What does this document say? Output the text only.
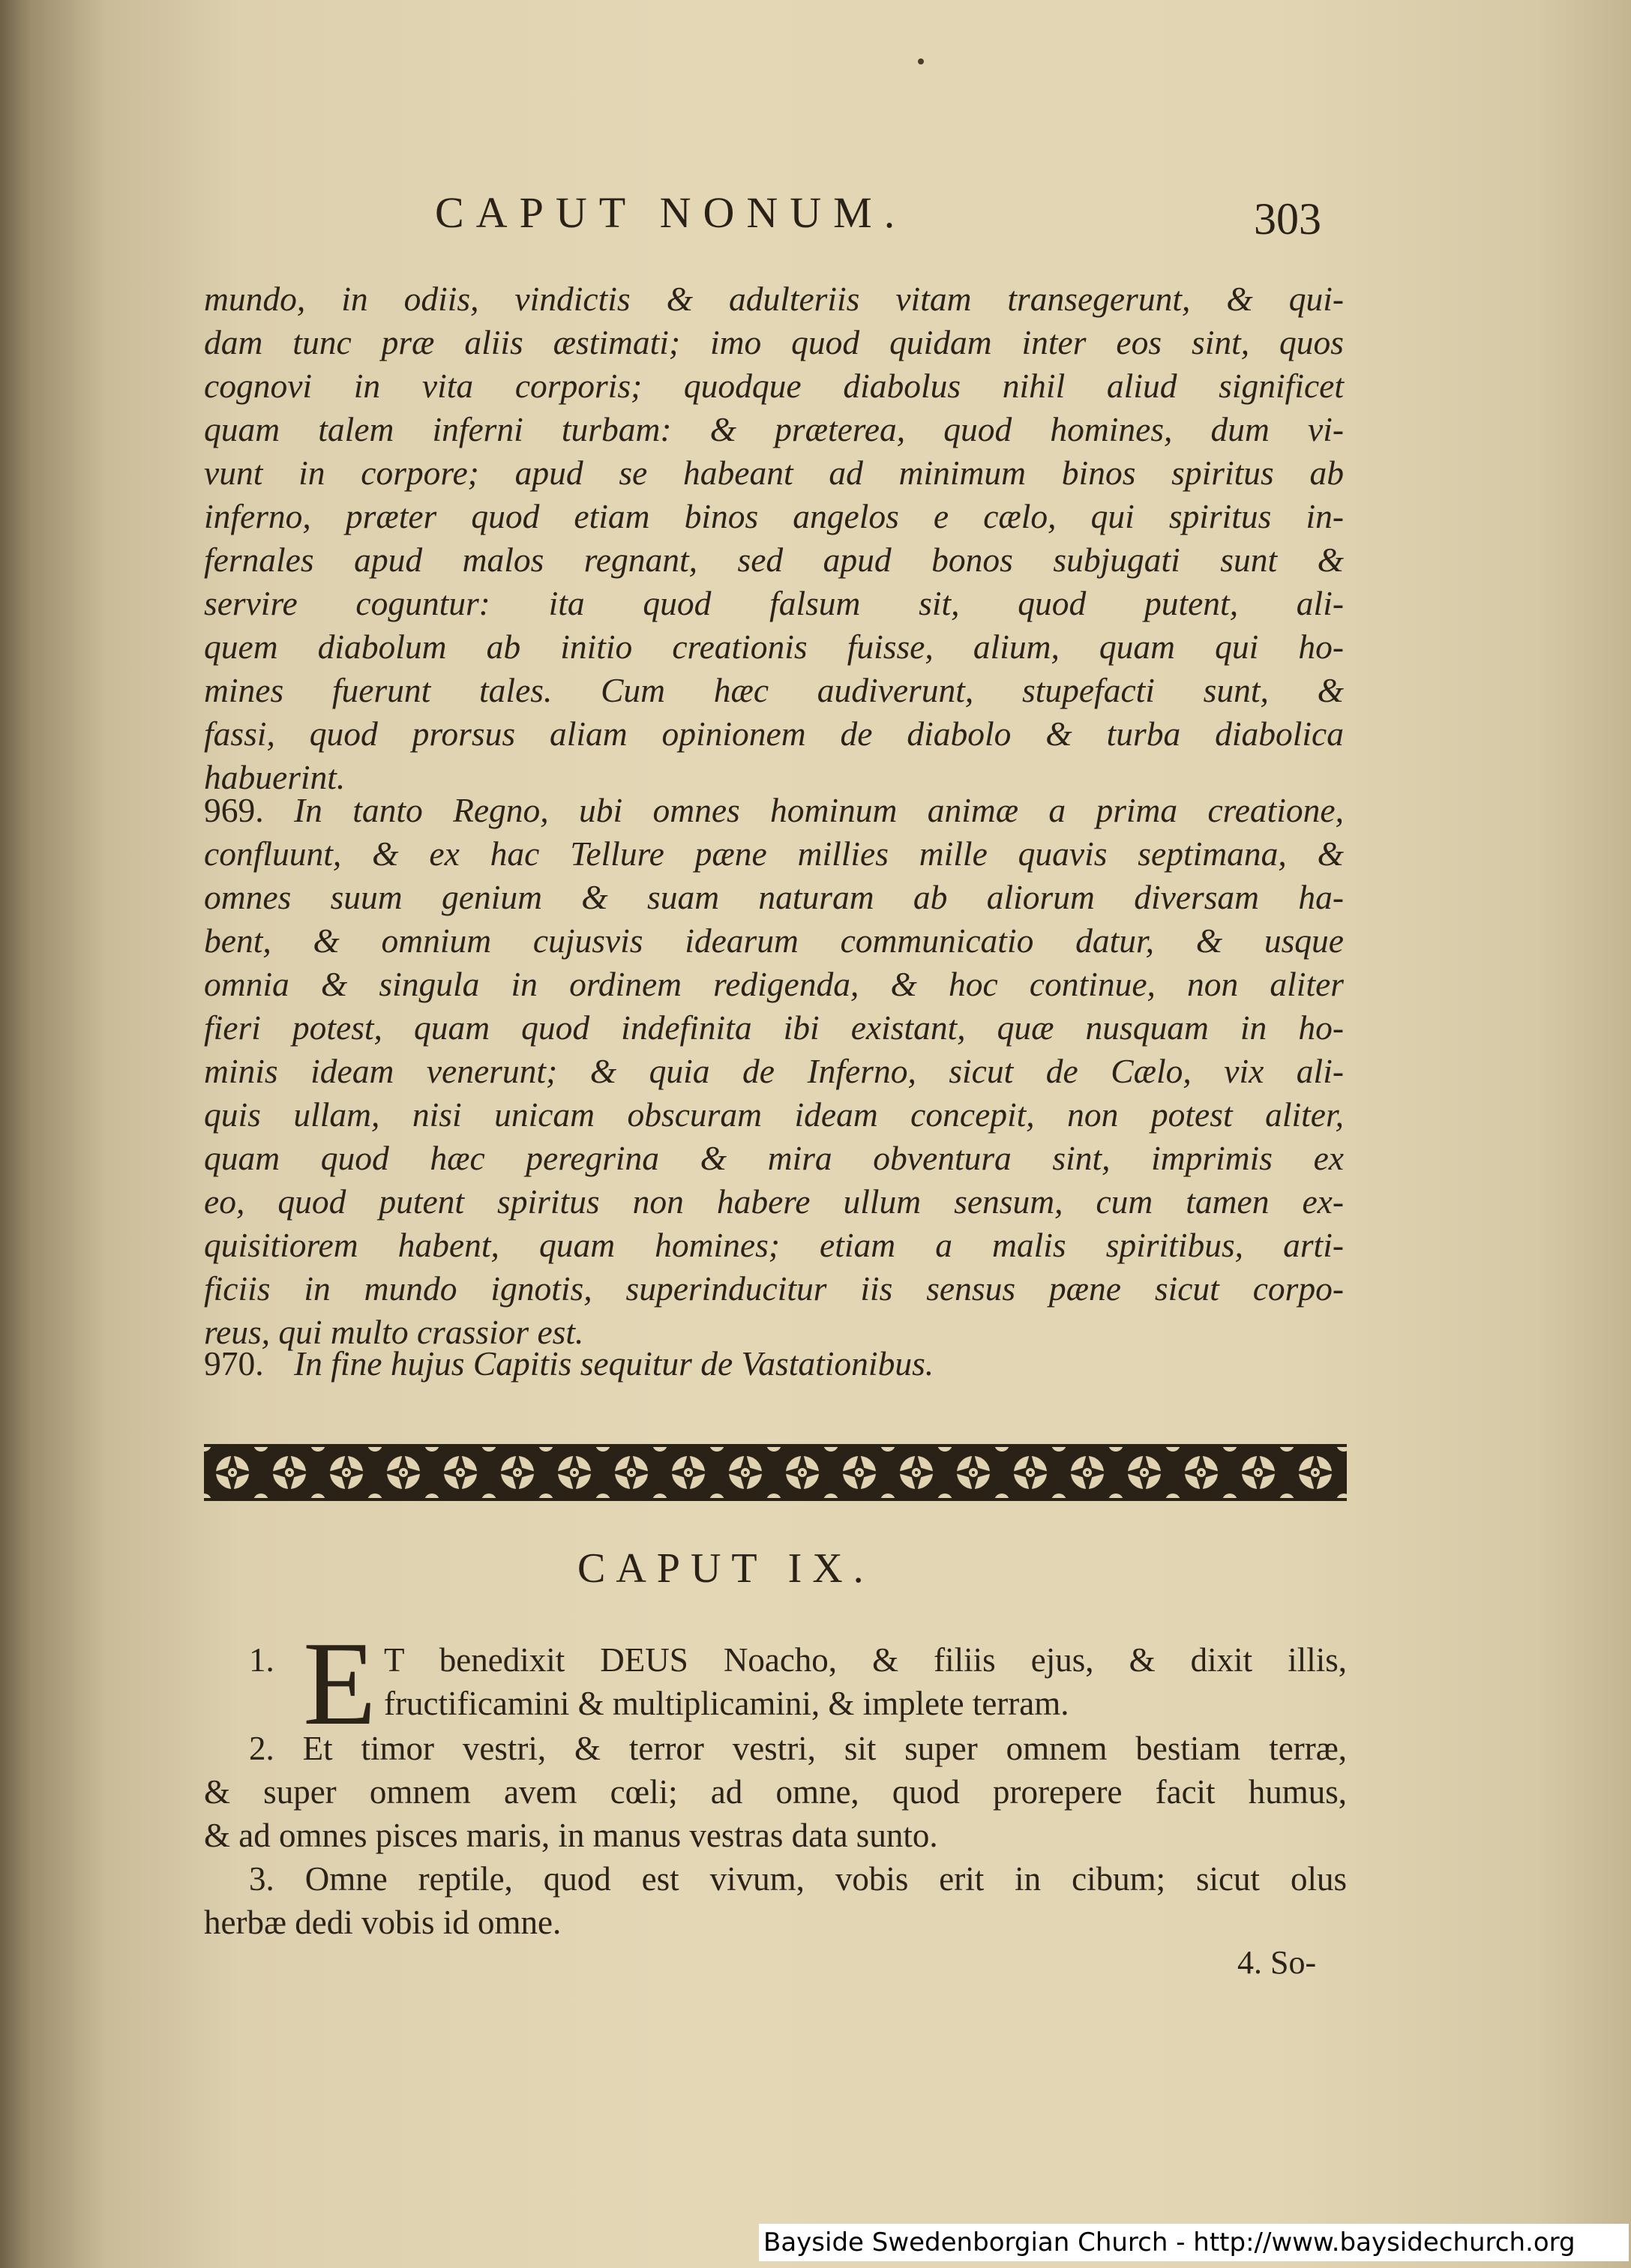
CAPUT NONUM.	303
mundo, in odiis, vindictis & adulteriis vitam transegerunt, & qui-
dam tunc præ aliis æstimati; imo quod quidam inter eos sint, quos
cognovi in vita corporis; quodque diabolus nihil aliud significet
quam talem inferni turbam: & præterea, quod homines, dum vi-
vunt in corpore; apud se habeant ad minimum binos spiritus ab
inferno, præter quod etiam binos angelos e cælo, qui spiritus in-
fernales apud malos regnant, sed apud bonos subjugati sunt &
servire coguntur: ita quod falsum sit, quod putent, ali-
quem diabolum ab initio creationis fuisse, alium, quam qui ho-
mines fuerunt tales. Cum hæc audiverunt, stupefacti sunt, &
fassi, quod prorsus aliam opinionem de diabolo & turba diabolica
habuerint.
969. In tanto Regno, ubi omnes hominum animæ a prima creatione,
confluunt, & ex hac Tellure pæne millies mille quavis septimana, &
omnes suum genium & suam naturam ab aliorum diversam ha-
bent, & omnium cujusvis idearum communicatio datur, & usque
omnia & singula in ordinem redigenda, & hoc continue, non aliter
fieri potest, quam quod indefinita ibi existant, quæ nusquam in ho-
minis ideam venerunt; & quia de Inferno, sicut de Cælo, vix ali-
quis ullam, nisi unicam obscuram ideam concepit, non potest aliter,
quam quod hæc peregrina & mira obventura sint, imprimis ex
eo, quod putent spiritus non habere ullum sensum, cum tamen ex-
quisitiorem habent, quam homines; etiam a malis spiritibus, arti-
ficiis in mundo ignotis, superinducitur iis sensus pæne sicut corpo-
reus, qui multo crassior est.
970. In fine hujus Capitis sequitur de Vastationibus.
CAPUT IX.
1. E T benedixit DEUS Noacho, & filiis ejus, & dixit illis,
fructificamini & multiplicamini, & implete terram.
2. Et timor vestri, & terror vestri, sit super omnem bestiam terræ,
& super omnem avem cœli; ad omne, quod prorepere facit humus,
& ad omnes pisces maris, in manus vestras data sunto.
3. Omne reptile, quod est vivum, vobis erit in cibum; sicut olus
herbæ dedi vobis id omne.
4. So-
Bayside Swedenborgian Church - http://www.baysidechurch.org
